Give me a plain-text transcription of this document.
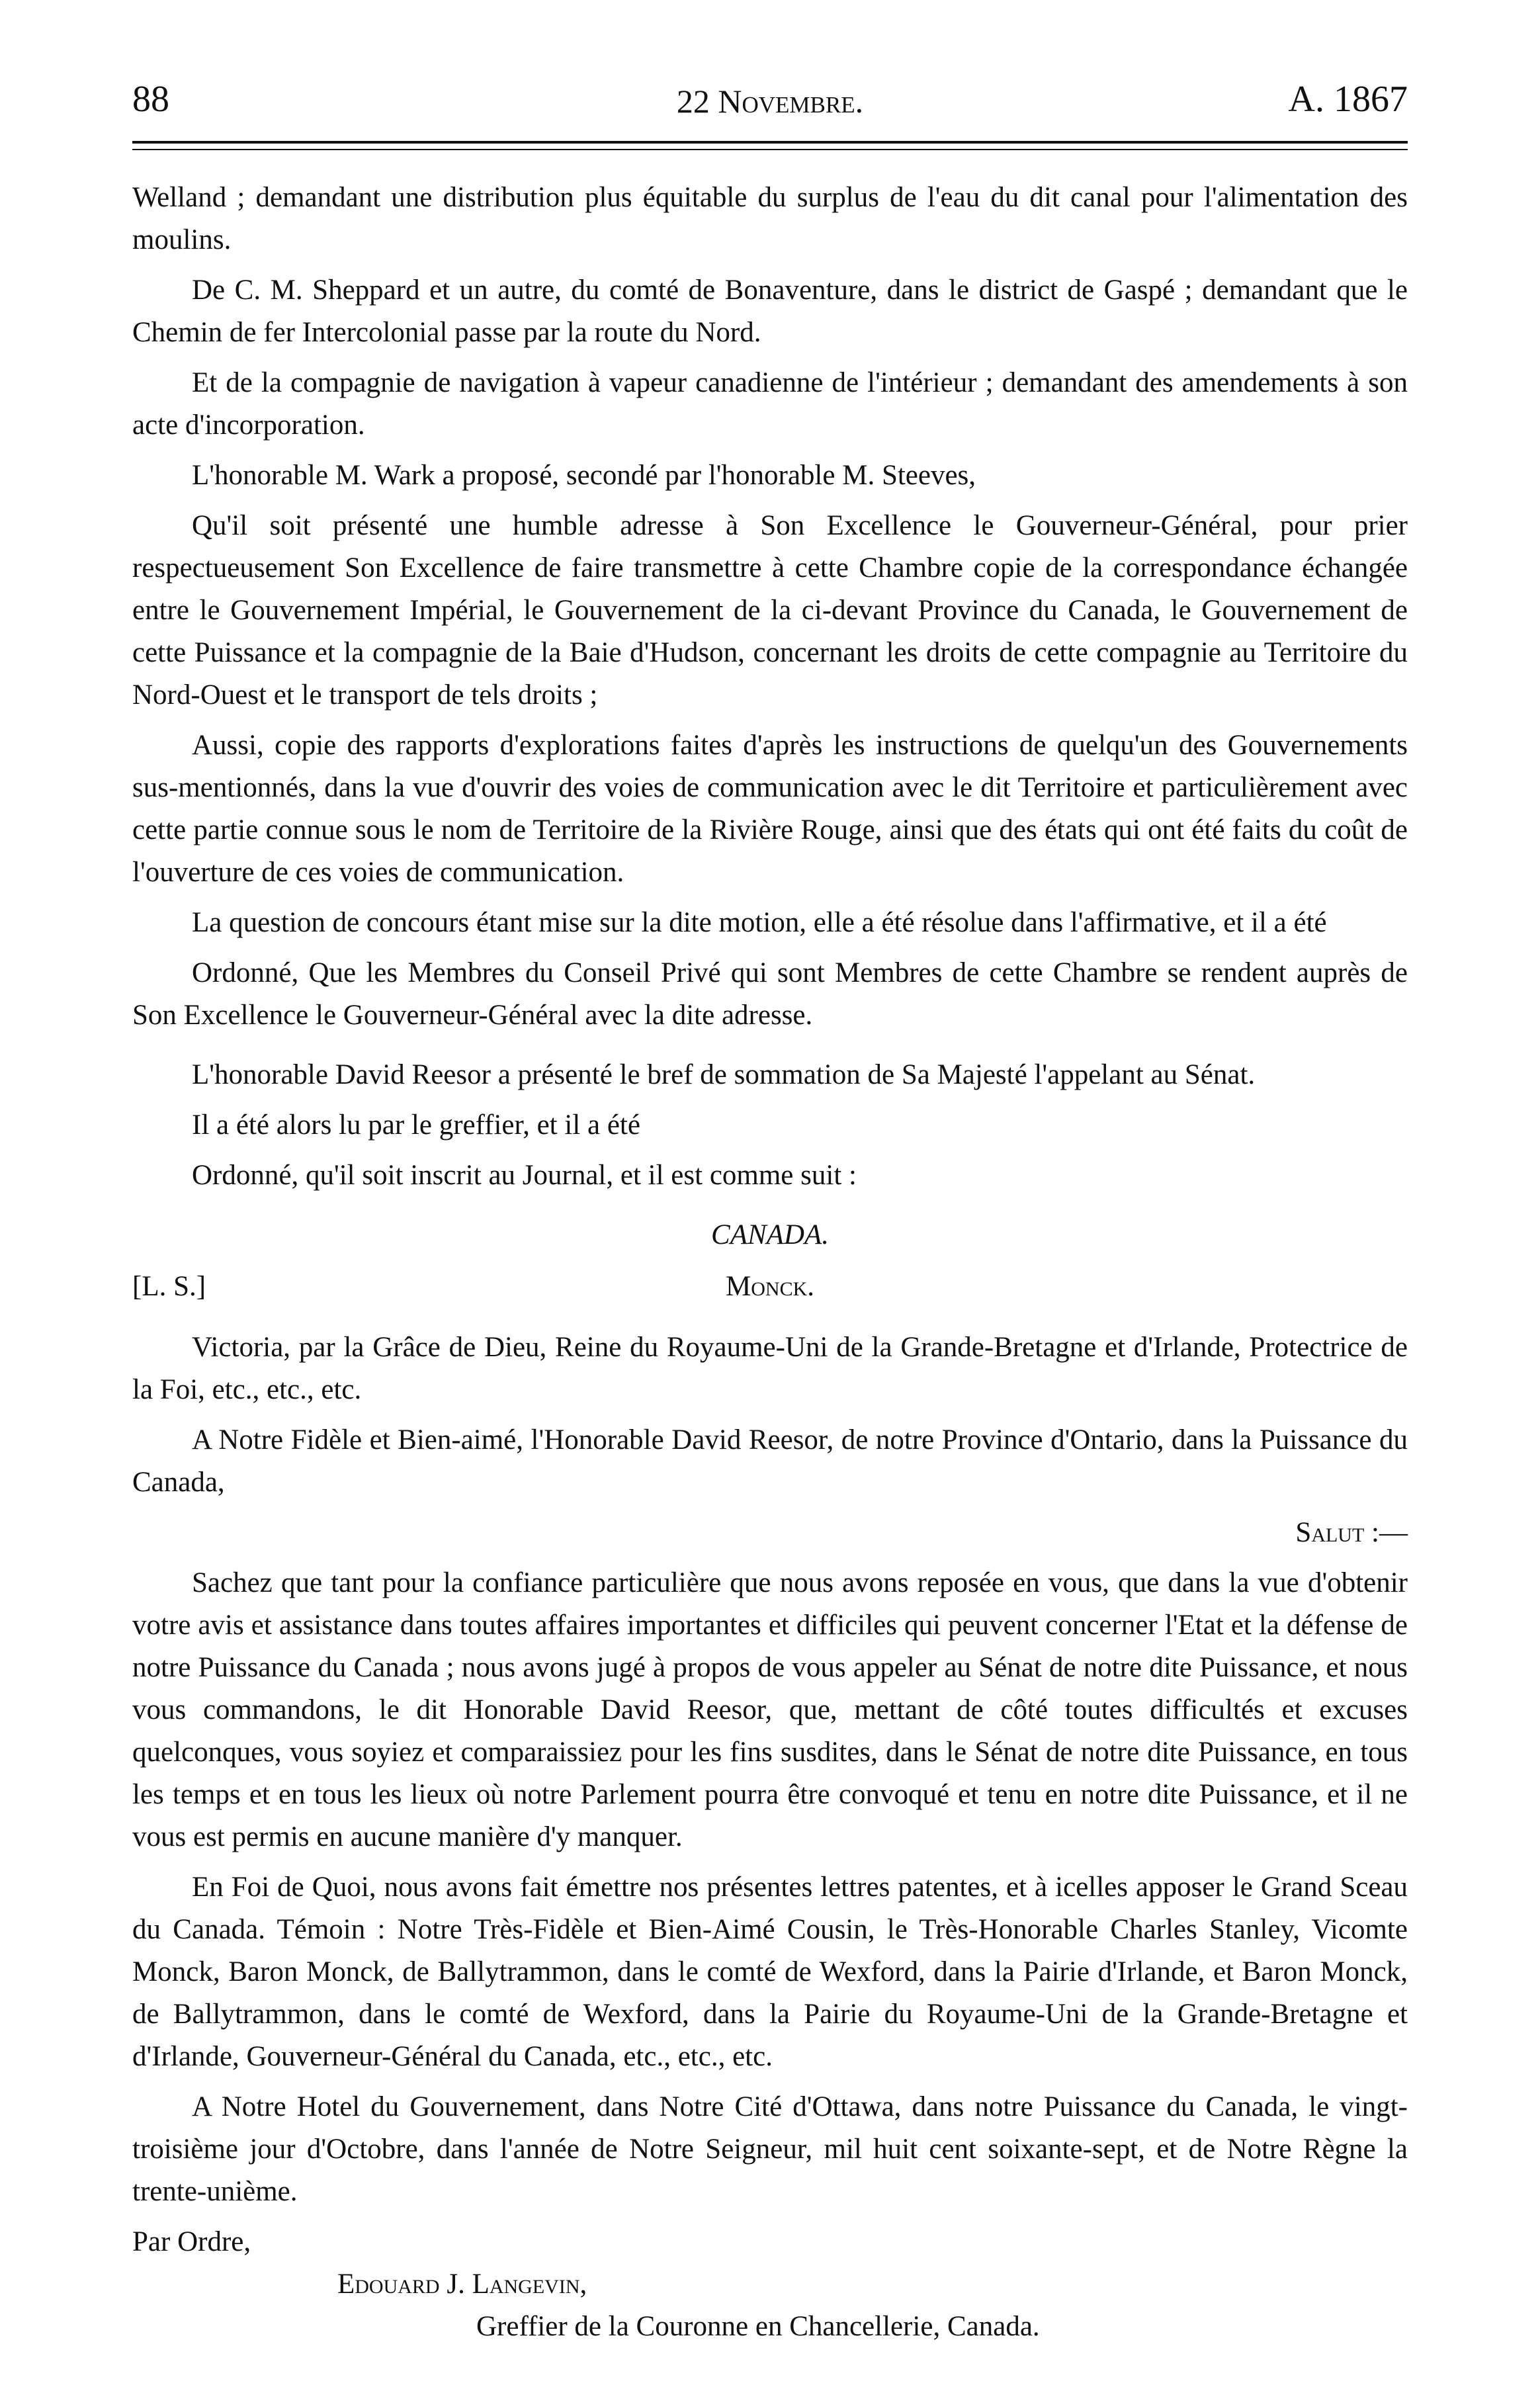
88	22 Novembre.	A. 1867

Welland ; demandant une distribution plus équitable du surplus de l'eau du dit canal pour l'alimentation des moulins.

De C. M. Sheppard et un autre, du comté de Bonaventure, dans le district de Gaspé ; demandant que le Chemin de fer Intercolonial passe par la route du Nord.

Et de la compagnie de navigation à vapeur canadienne de l'intérieur ; demandant des amendements à son acte d'incorporation.

L'honorable M. Wark a proposé, secondé par l'honorable M. Steeves,

Qu'il soit présenté une humble adresse à Son Excellence le Gouverneur-Général, pour prier respectueusement Son Excellence de faire transmettre à cette Chambre copie de la correspondance échangée entre le Gouvernement Impérial, le Gouvernement de la ci-devant Province du Canada, le Gouvernement de cette Puissance et la compagnie de la Baie d'Hudson, concernant les droits de cette compagnie au Territoire du Nord-Ouest et le transport de tels droits ;

Aussi, copie des rapports d'explorations faites d'après les instructions de quelqu'un des Gouvernements sus-mentionnés, dans la vue d'ouvrir des voies de communication avec le dit Territoire et particulièrement avec cette partie connue sous le nom de Territoire de la Rivière Rouge, ainsi que des états qui ont été faits du coût de l'ouverture de ces voies de communication.

La question de concours étant mise sur la dite motion, elle a été résolue dans l'affirmative, et il a été

Ordonné, Que les Membres du Conseil Privé qui sont Membres de cette Chambre se rendent auprès de Son Excellence le Gouverneur-Général avec la dite adresse.

L'honorable David Reesor a présenté le bref de sommation de Sa Majesté l'appelant au Sénat.

Il a été alors lu par le greffier, et il a été

Ordonné, qu'il soit inscrit au Journal, et il est comme suit :

CANADA.

[L. S.]	Monck.

Victoria, par la Grâce de Dieu, Reine du Royaume-Uni de la Grande-Bretagne et d'Irlande, Protectrice de la Foi, etc., etc., etc.

A Notre Fidèle et Bien-aimé, l'Honorable David Reesor, de notre Province d'Ontario, dans la Puissance du Canada,

Salut :—

Sachez que tant pour la confiance particulière que nous avons reposée en vous, que dans la vue d'obtenir votre avis et assistance dans toutes affaires importantes et difficiles qui peuvent concerner l'Etat et la défense de notre Puissance du Canada ; nous avons jugé à propos de vous appeler au Sénat de notre dite Puissance, et nous vous commandons, le dit Honorable David Reesor, que, mettant de côté toutes difficultés et excuses quelconques, vous soyiez et comparaissiez pour les fins susdites, dans le Sénat de notre dite Puissance, en tous les temps et en tous les lieux où notre Parlement pourra être convoqué et tenu en notre dite Puissance, et il ne vous est permis en aucune manière d'y manquer.

En Foi de Quoi, nous avons fait émettre nos présentes lettres patentes, et à icelles apposer le Grand Sceau du Canada. Témoin : Notre Très-Fidèle et Bien-Aimé Cousin, le Très-Honorable Charles Stanley, Vicomte Monck, Baron Monck, de Ballytrammon, dans le comté de Wexford, dans la Pairie d'Irlande, et Baron Monck, de Ballytrammon, dans le comté de Wexford, dans la Pairie du Royaume-Uni de la Grande-Bretagne et d'Irlande, Gouverneur-Général du Canada, etc., etc., etc.

A Notre Hotel du Gouvernement, dans Notre Cité d'Ottawa, dans notre Puissance du Canada, le vingt-troisième jour d'Octobre, dans l'année de Notre Seigneur, mil huit cent soixante-sept, et de Notre Règne la trente-unième.

Par Ordre,
Edouard J. Langevin,
Greffier de la Couronne en Chancellerie, Canada.
